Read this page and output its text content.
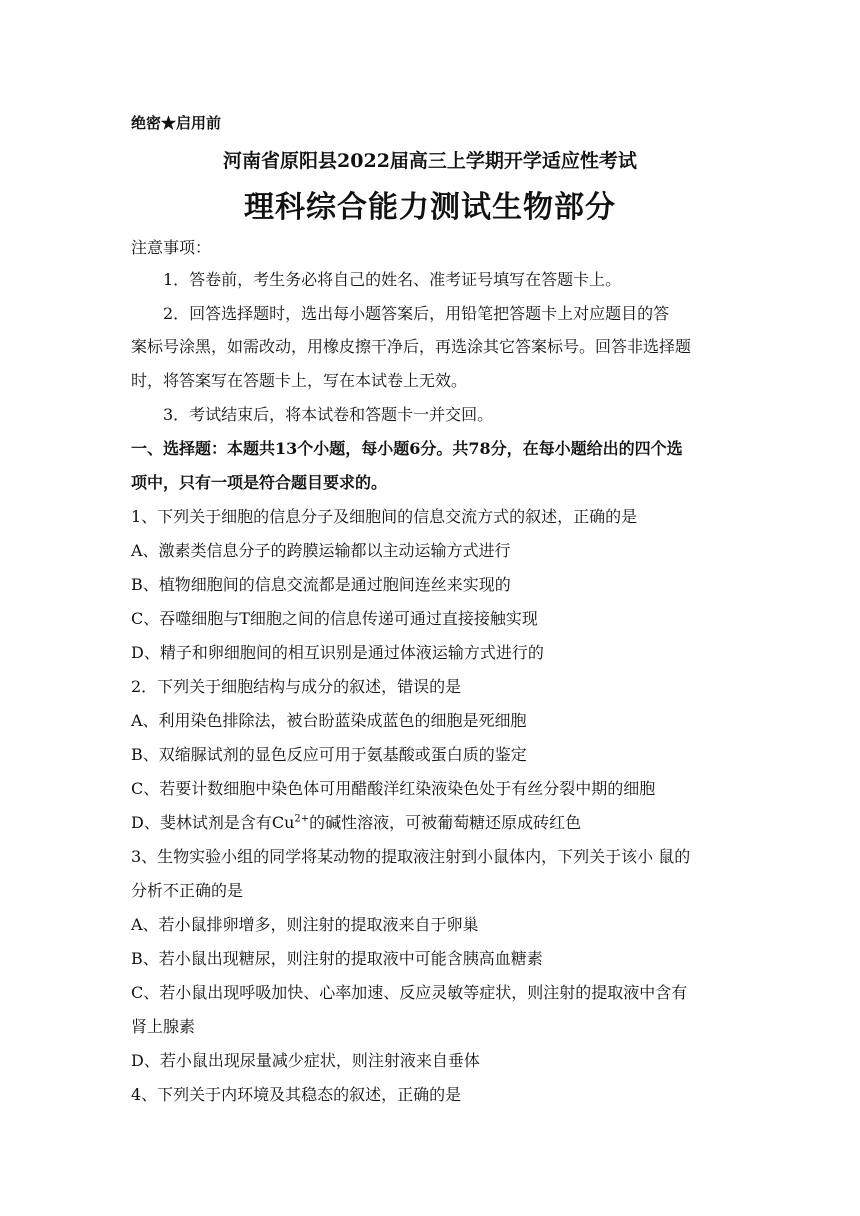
绝密★启用前
河南省原阳县2022届高三上学期开学适应性考试
理科综合能力测试生物部分
注意事项：
1．答卷前，考生务必将自己的姓名、准考证号填写在答题卡上。
2．回答选择题时，选出每小题答案后，用铅笔把答题卡上对应题目的答
案标号涂黑，如需改动，用橡皮擦干净后，再选涂其它答案标号。回答非选择题
时，将答案写在答题卡上，写在本试卷上无效。
3．考试结束后，将本试卷和答题卡一并交回。
一、选择题：本题共13个小题，每小题6分。共78分，在每小题给出的四个选
项中，只有一项是符合题目要求的。
1、下列关于细胞的信息分子及细胞间的信息交流方式的叙述，正确的是
A、激素类信息分子的跨膜运输都以主动运输方式进行
B、植物细胞间的信息交流都是通过胞间连丝来实现的
C、吞噬细胞与T细胞之间的信息传递可通过直接接触实现
D、精子和卵细胞间的相互识别是通过体液运输方式进行的
2．下列关于细胞结构与成分的叙述，错误的是
A、利用染色排除法，被台盼蓝染成蓝色的细胞是死细胞
B、双缩脲试剂的显色反应可用于氨基酸或蛋白质的鉴定
C、若要计数细胞中染色体可用醋酸洋红染液染色处于有丝分裂中期的细胞
D、斐林试剂是含有$Cu^{2+}$的碱性溶液，可被葡萄糖还原成砖红色
3、生物实验小组的同学将某动物的提取液注射到小鼠体内，下列关于该小 鼠的
分析不正确的是
A、若小鼠排卵增多，则注射的提取液来自于卵巢
B、若小鼠出现糖尿，则注射的提取液中可能含胰高血糖素
C、若小鼠出现呼吸加快、心率加速、反应灵敏等症状，则注射的提取液中含有
肾上腺素
D、若小鼠出现尿量减少症状，则注射液来自垂体
4、下列关于内环境及其稳态的叙述，正确的是
